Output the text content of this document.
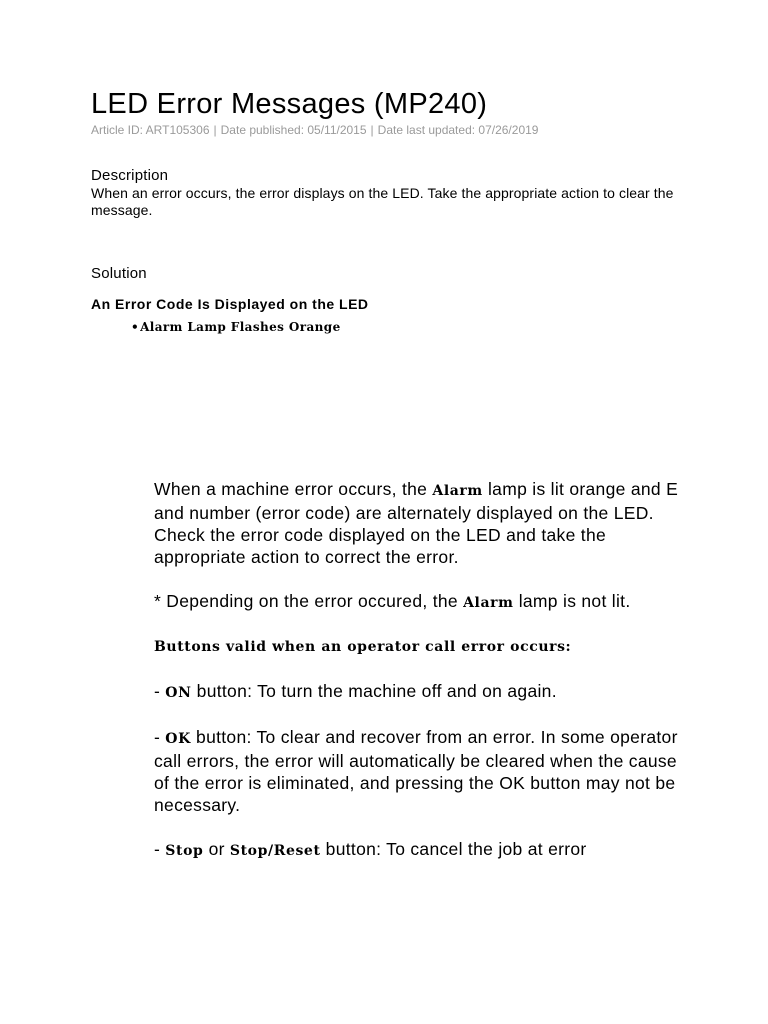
LED Error Messages (MP240)
Article ID: ART105306 | Date published: 05/11/2015 | Date last updated: 07/26/2019
Description

When an error occurs, the error displays on the LED. Take the appropriate action to clear the message.

Solution
An Error Code Is Displayed on the LED
•Alarm Lamp Flashes Orange

When a machine error occurs, the Alarm lamp is lit orange and E and number (error code) are alternately displayed on the LED. Check the error code displayed on the LED and take the appropriate action to correct the error.

* Depending on the error occured, the Alarm lamp is not lit.

Buttons valid when an operator call error occurs:

- ON button: To turn the machine off and on again.

- OK button: To clear and recover from an error. In some operator call errors, the error will automatically be cleared when the cause of the error is eliminated, and pressing the OK button may not be necessary.

- Stop or Stop/Reset button: To cancel the job at error
